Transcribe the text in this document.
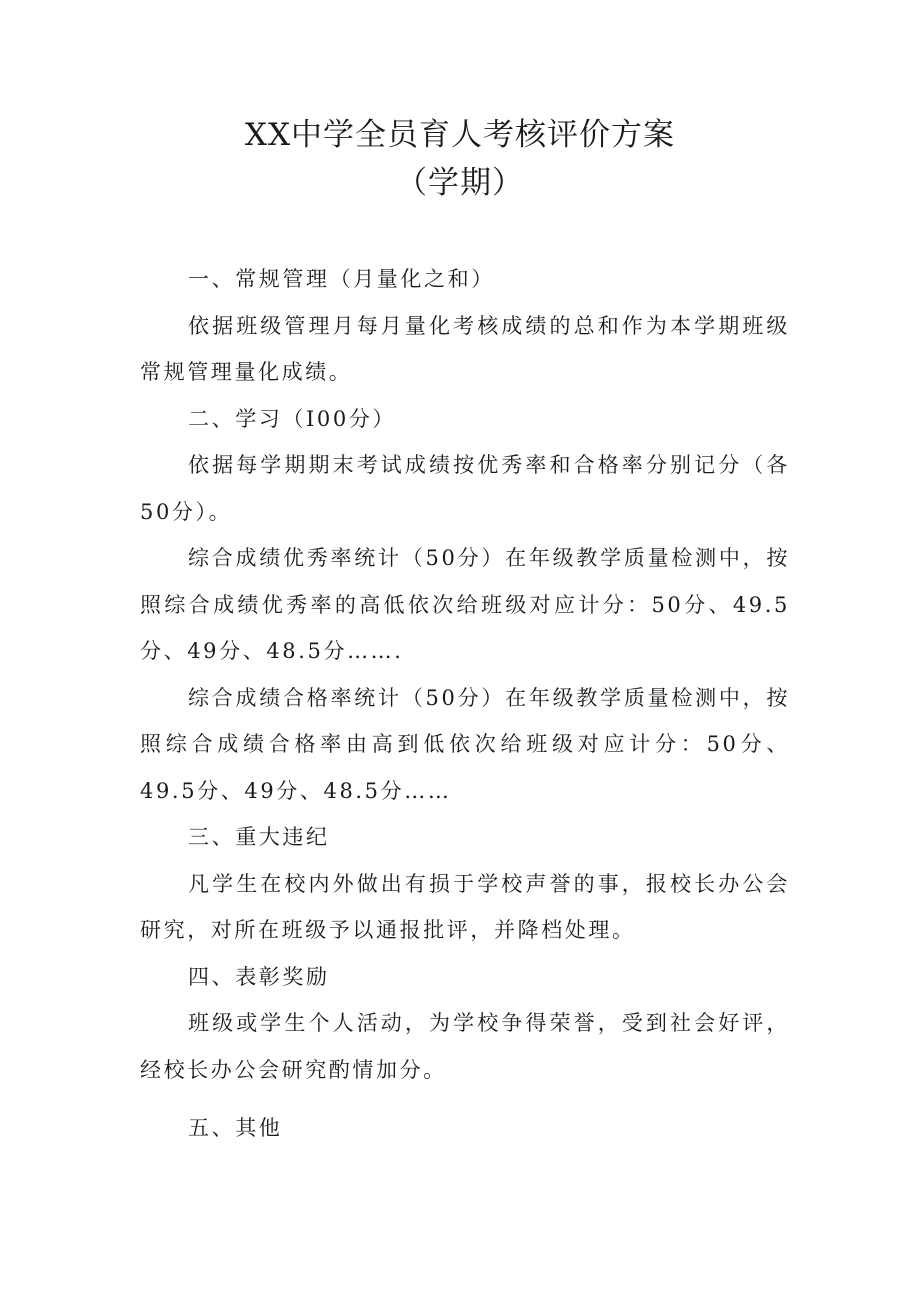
XX中学全员育人考核评价方案
（学期）

一、常规管理（月量化之和）

依据班级管理月每月量化考核成绩的总和作为本学期班级常规管理量化成绩。

二、学习（I00分）

依据每学期期末考试成绩按优秀率和合格率分别记分（各 50分）。

综合成绩优秀率统计（50分）在年级教学质量检测中，按照综合成绩优秀率的高低依次给班级对应计分：50分、49.5分、49分、48.5分…….

综合成绩合格率统计（50分）在年级教学质量检测中，按照综合成绩合格率由高到低依次给班级对应计分：50分、49.5分、49分、48.5分……

三、重大违纪

凡学生在校内外做出有损于学校声誉的事，报校长办公会研究，对所在班级予以通报批评，并降档处理。

四、表彰奖励

班级或学生个人活动，为学校争得荣誉，受到社会好评，经校长办公会研究酌情加分。

五、其他
